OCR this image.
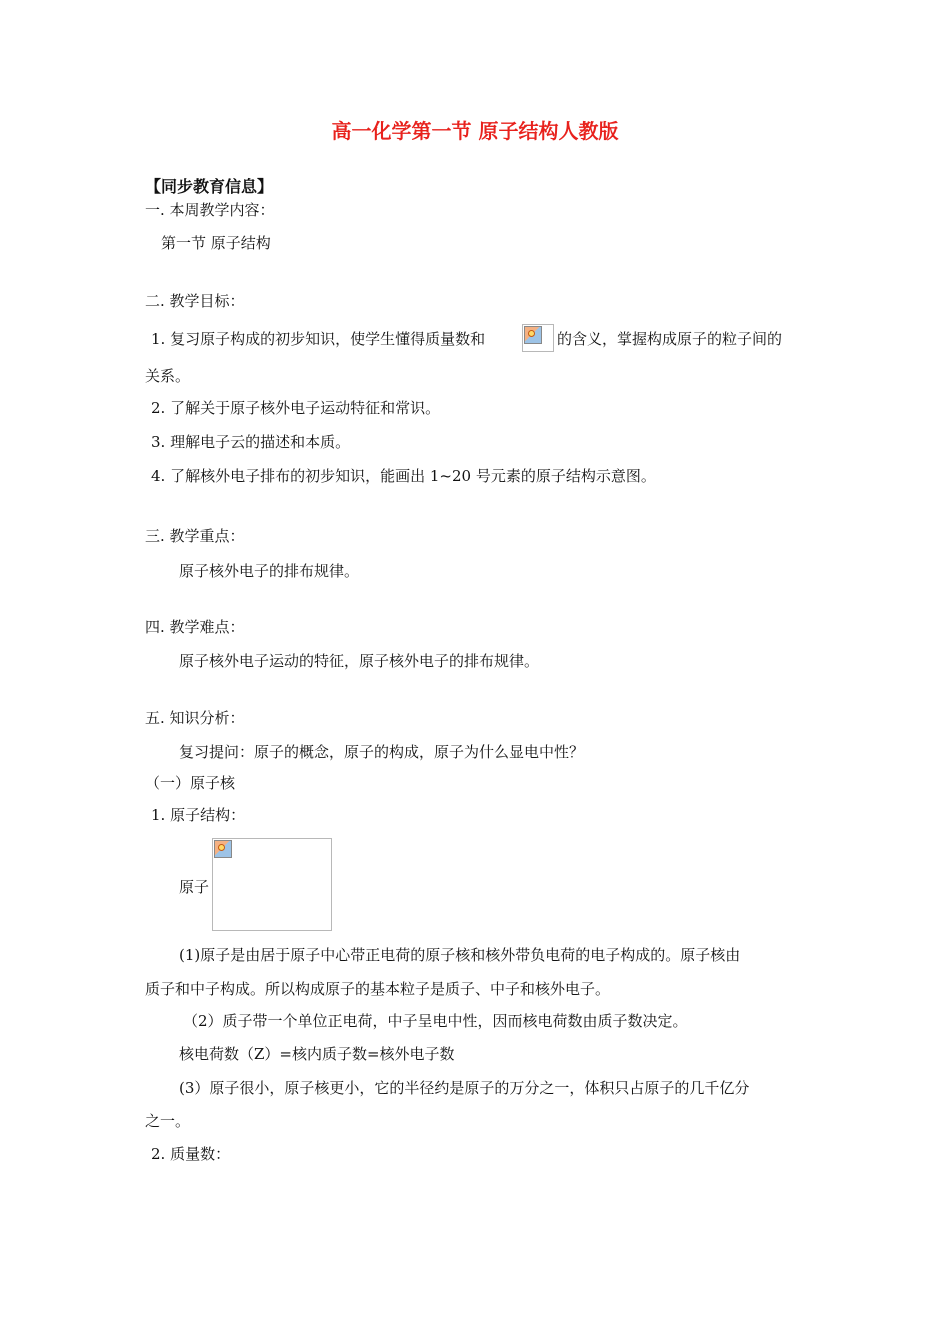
高一化学第一节 原子结构人教版
【同步教育信息】
一. 本周教学内容：
第一节 原子结构
二. 教学目标：
1. 复习原子构成的初步知识，使学生懂得质量数和	的含义，掌握构成原子的粒子间的
关系。
2. 了解关于原子核外电子运动特征和常识。
3. 理解电子云的描述和本质。
4. 了解核外电子排布的初步知识，能画出 1~20 号元素的原子结构示意图。
三. 教学重点：
原子核外电子的排布规律。
四. 教学难点：
原子核外电子运动的特征，原子核外电子的排布规律。
五. 知识分析：
复习提问：原子的概念，原子的构成，原子为什么显电中性？
（一）原子核
1. 原子结构：
原子
(1)原子是由居于原子中心带正电荷的原子核和核外带负电荷的电子构成的。原子核由
质子和中子构成。所以构成原子的基本粒子是质子、中子和核外电子。
（2）质子带一个单位正电荷，中子呈电中性，因而核电荷数由质子数决定。
核电荷数（Z）=核内质子数=核外电子数
(3）原子很小，原子核更小，它的半径约是原子的万分之一，体积只占原子的几千亿分
之一。
2. 质量数：
